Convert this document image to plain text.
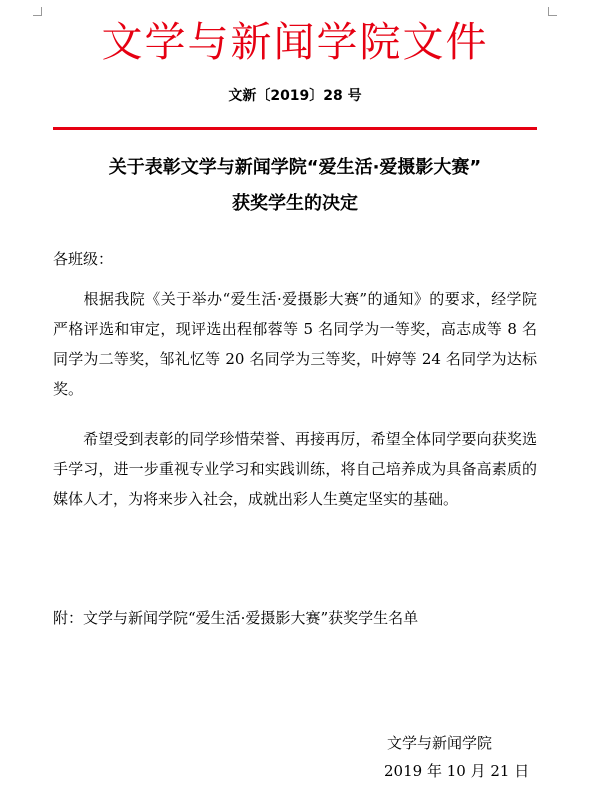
文学与新闻学院文件
文新〔2019〕28 号
关于表彰文学与新闻学院“爱生活·爱摄影大赛”
获奖学生的决定
各班级：
根据我院《关于举办“爱生活·爱摄影大赛”的通知》的要求，经学院严格评选和审定，现评选出程郁蓉等 5 名同学为一等奖，高志成等 8 名同学为二等奖，邹礼忆等 20 名同学为三等奖，叶婷等 24 名同学为达标奖。
希望受到表彰的同学珍惜荣誉、再接再厉，希望全体同学要向获奖选手学习，进一步重视专业学习和实践训练，将自己培养成为具备高素质的媒体人才，为将来步入社会，成就出彩人生奠定坚实的基础。
附：文学与新闻学院“爱生活·爱摄影大赛”获奖学生名单
文学与新闻学院
2019 年 10 月 21 日
